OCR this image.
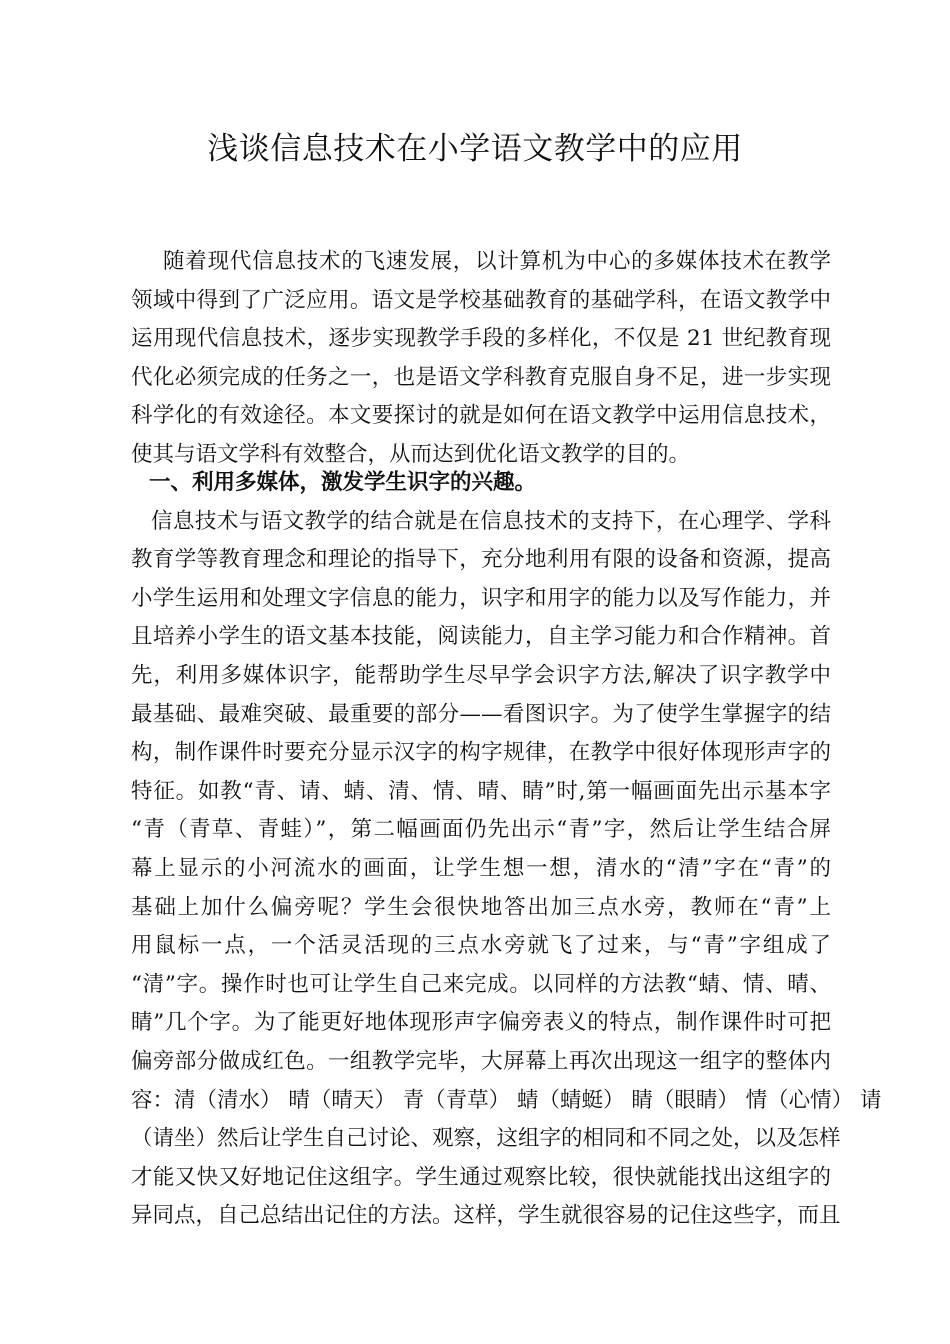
浅谈信息技术在小学语文教学中的应用
随着现代信息技术的飞速发展，以计算机为中心的多媒体技术在教学
领域中得到了广泛应用。语文是学校基础教育的基础学科，在语文教学中
运用现代信息技术，逐步实现教学手段的多样化，不仅是 21 世纪教育现
代化必须完成的任务之一，也是语文学科教育克服自身不足，进一步实现
科学化的有效途径。本文要探讨的就是如何在语文教学中运用信息技术，
使其与语文学科有效整合，从而达到优化语文教学的目的。
一、利用多媒体，激发学生识字的兴趣。
信息技术与语文教学的结合就是在信息技术的支持下，在心理学、学科
教育学等教育理念和理论的指导下，充分地利用有限的设备和资源，提高
小学生运用和处理文字信息的能力，识字和用字的能力以及写作能力，并
且培养小学生的语文基本技能，阅读能力，自主学习能力和合作精神。首
先，利用多媒体识字，能帮助学生尽早学会识字方法,解决了识字教学中
最基础、最难突破、最重要的部分——看图识字。为了使学生掌握字的结
构，制作课件时要充分显示汉字的构字规律，在教学中很好体现形声字的
特征。如教“青、请、蜻、清、情、晴、睛”时,第一幅画面先出示基本字
“青（青草、青蛙）”，第二幅画面仍先出示“青”字，然后让学生结合屏
幕上显示的小河流水的画面，让学生想一想，清水的“清”字在“青”的
基础上加什么偏旁呢？学生会很快地答出加三点水旁，教师在“青”上
用鼠标一点，一个活灵活现的三点水旁就飞了过来，与“青”字组成了
“清”字。操作时也可让学生自己来完成。以同样的方法教“蜻、情、晴、
睛”几个字。为了能更好地体现形声字偏旁表义的特点，制作课件时可把
偏旁部分做成红色。一组教学完毕，大屏幕上再次出现这一组字的整体内
容：清（清水） 晴（晴天） 青（青草） 蜻（蜻蜓） 睛（眼睛） 情（心情） 请
（请坐）然后让学生自己讨论、观察，这组字的相同和不同之处，以及怎样
才能又快又好地记住这组字。学生通过观察比较，很快就能找出这组字的
异同点，自己总结出记住的方法。这样，学生就很容易的记住这些字，而且
